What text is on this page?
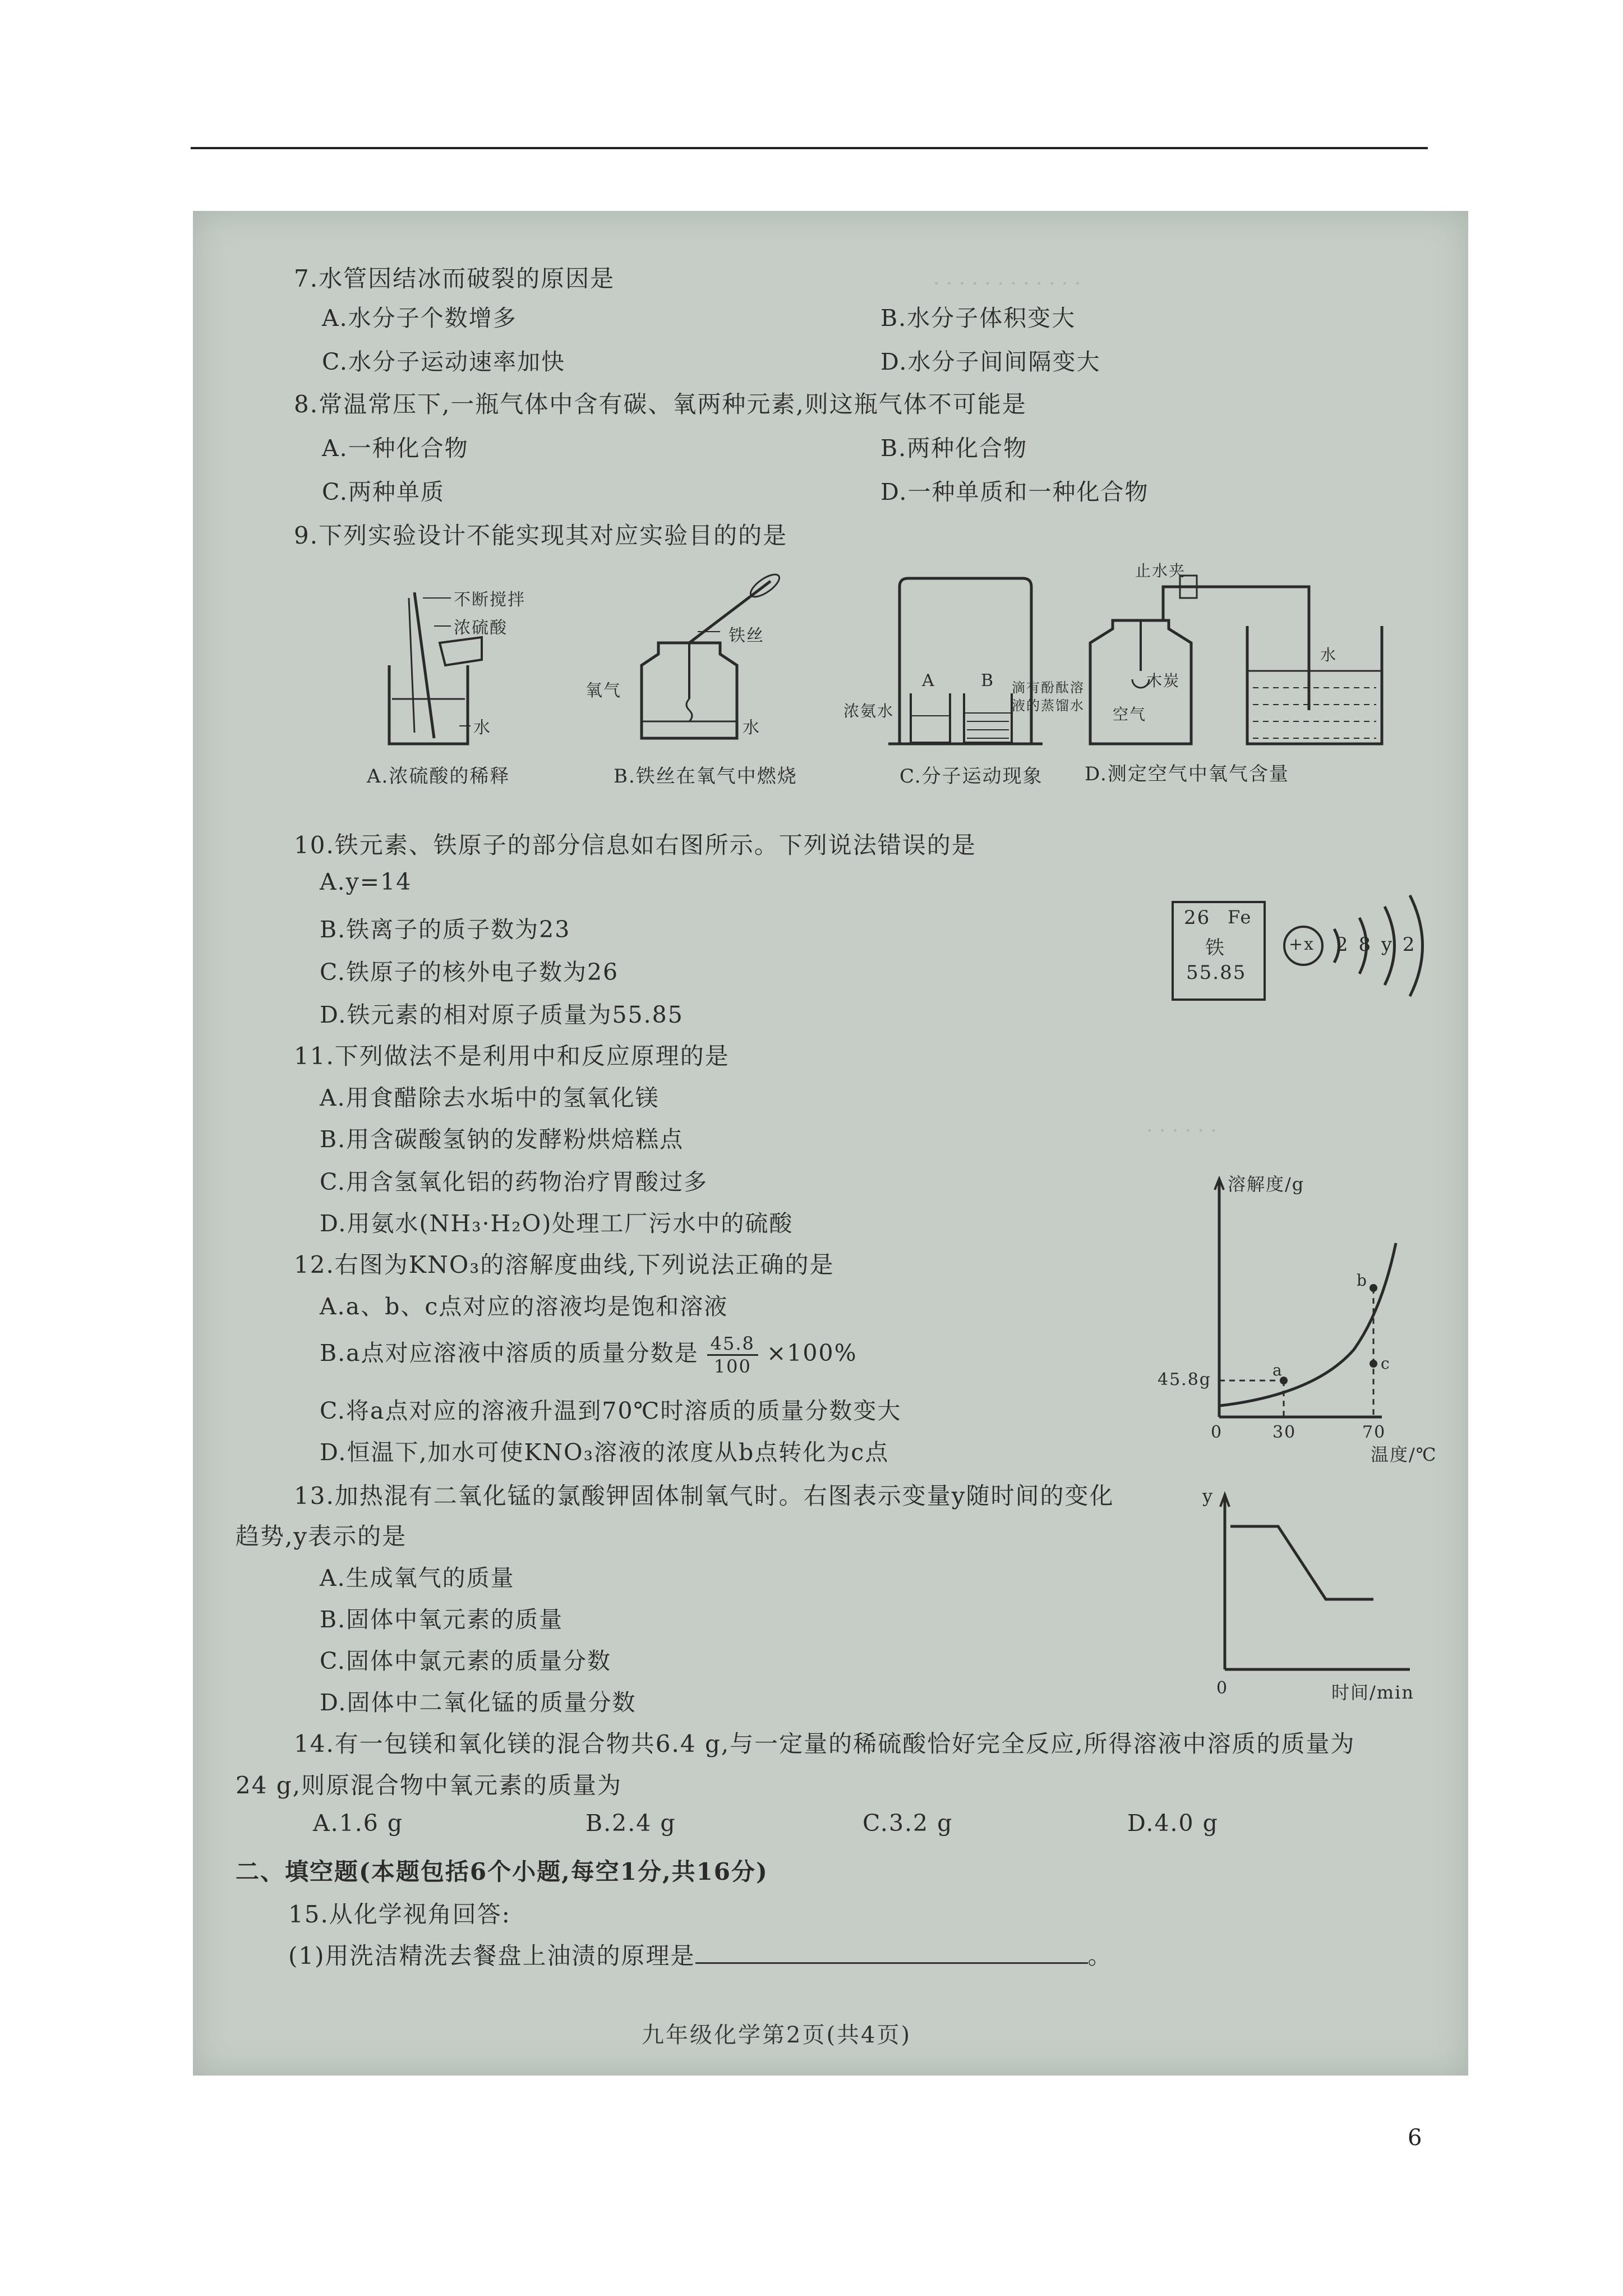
· · · · · · · · · · · ·
· · · · · ·
7.水管因结冰而破裂的原因是
A.水分子个数增多	B.水分子体积变大
C.水分子运动速率加快	D.水分子间间隔变大
8.常温常压下,一瓶气体中含有碳、氧两种元素,则这瓶气体不可能是
A.一种化合物	B.两种化合物
C.两种单质	D.一种单质和一种化合物
9.下列实验设计不能实现其对应实验目的的是
不断搅拌
浓硫酸
水
A.浓硫酸的稀释
铁丝
氧气
水
B.铁丝在氧气中燃烧
浓氨水
A	B 滴有酚酞溶
液的蒸馏水
C.分子运动现象
止水夹
木炭
空气
水
D.测定空气中氧气含量
10.铁元素、铁原子的部分信息如右图所示。下列说法错误的是
A.y=14
B.铁离子的质子数为23
C.铁原子的核外电子数为26
D.铁元素的相对原子质量为55.85
26 Fe
铁
55.85
+x 2 8 y 2
11.下列做法不是利用中和反应原理的是
A.用食醋除去水垢中的氢氧化镁
B.用含碳酸氢钠的发酵粉烘焙糕点
C.用含氢氧化铝的药物治疗胃酸过多
D.用氨水(NH₃·H₂O)处理工厂污水中的硫酸
12.右图为KNO₃的溶解度曲线,下列说法正确的是
A.a、b、c点对应的溶液均是饱和溶液
B.a点对应溶液中溶质的质量分数是 $\frac{45.8}{100} \times 100\%$
C.将a点对应的溶液升温到70℃时溶质的质量分数变大
D.恒温下,加水可使KNO₃溶液的浓度从b点转化为c点
溶解度/g
45.8g	a
b
c
0	30	70
温度/℃
13.加热混有二氧化锰的氯酸钾固体制氧气时。右图表示变量y随时间的变化
趋势,y表示的是
A.生成氧气的质量
B.固体中氧元素的质量
C.固体中氯元素的质量分数
D.固体中二氧化锰的质量分数
y
0	时间/min
14.有一包镁和氧化镁的混合物共6.4 g,与一定量的稀硫酸恰好完全反应,所得溶液中溶质的质量为
24 g,则原混合物中氧元素的质量为
A.1.6 g	B.2.4 g	C.3.2 g	D.4.0 g
二、填空题(本题包括6个小题,每空1分,共16分)
15.从化学视角回答:
(1)用洗洁精洗去餐盘上油渍的原理是	。
九年级化学第2页(共4页)
6
